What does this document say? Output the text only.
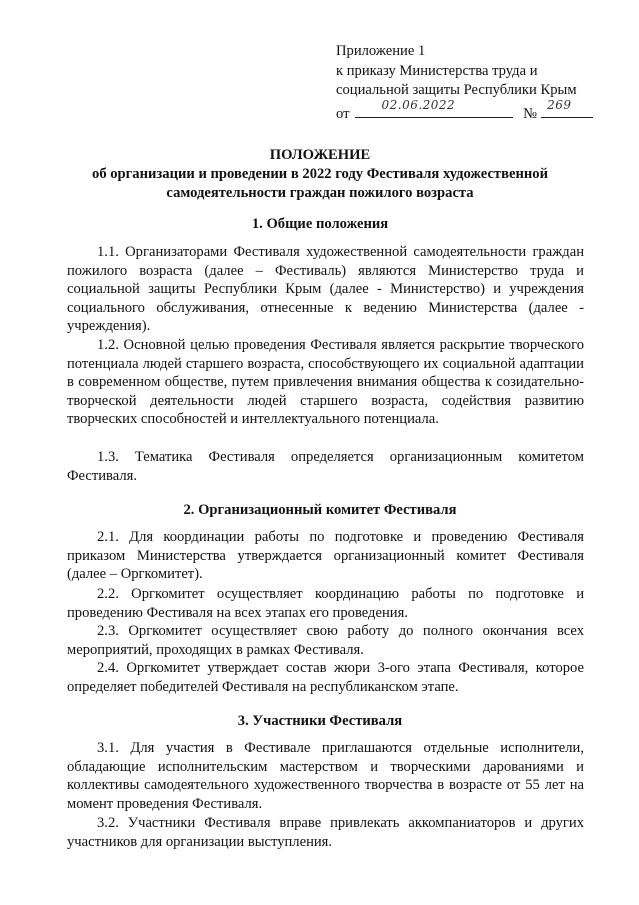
Приложение 1
к приказу Министерства труда и
социальной защиты Республики Крым
от
02.06.2022
№
269
ПОЛОЖЕНИЕ
об организации и проведении в 2022 году Фестиваля художественной
самодеятельности граждан пожилого возраста
1. Общие положения

1.1. Организаторами Фестиваля художественной самодеятельности граждан пожилого возраста (далее – Фестиваль) являются Министерство труда и социальной защиты Республики Крым (далее - Министерство) и учреждения социального обслуживания, отнесенные к ведению Министерства (далее - учреждения).

1.2. Основной целью проведения Фестиваля является раскрытие творческого потенциала людей старшего возраста, способствующего их социальной адаптации в современном обществе, путем привлечения внимания общества к созидательно-творческой деятельности людей старшего возраста, содействия развитию творческих способностей и интеллектуального потенциала.

1.3. Тематика Фестиваля определяется организационным комитетом Фестиваля.

2. Организационный комитет Фестиваля

2.1. Для координации работы по подготовке и проведению Фестиваля приказом Министерства утверждается организационный комитет Фестиваля (далее – Оргкомитет).

2.2. Оргкомитет осуществляет координацию работы по подготовке и проведению Фестиваля на всех этапах его проведения.

2.3. Оргкомитет осуществляет свою работу до полного окончания всех мероприятий, проходящих в рамках Фестиваля.

2.4. Оргкомитет утверждает состав жюри 3-ого этапа Фестиваля, которое определяет победителей Фестиваля на республиканском этапе.

3. Участники Фестиваля

3.1. Для участия в Фестивале приглашаются отдельные исполнители, обладающие исполнительским мастерством и творческими дарованиями и коллективы самодеятельного художественного творчества в возрасте от 55 лет на момент проведения Фестиваля.

3.2. Участники Фестиваля вправе привлекать аккомпаниаторов и других участников для организации выступления.
